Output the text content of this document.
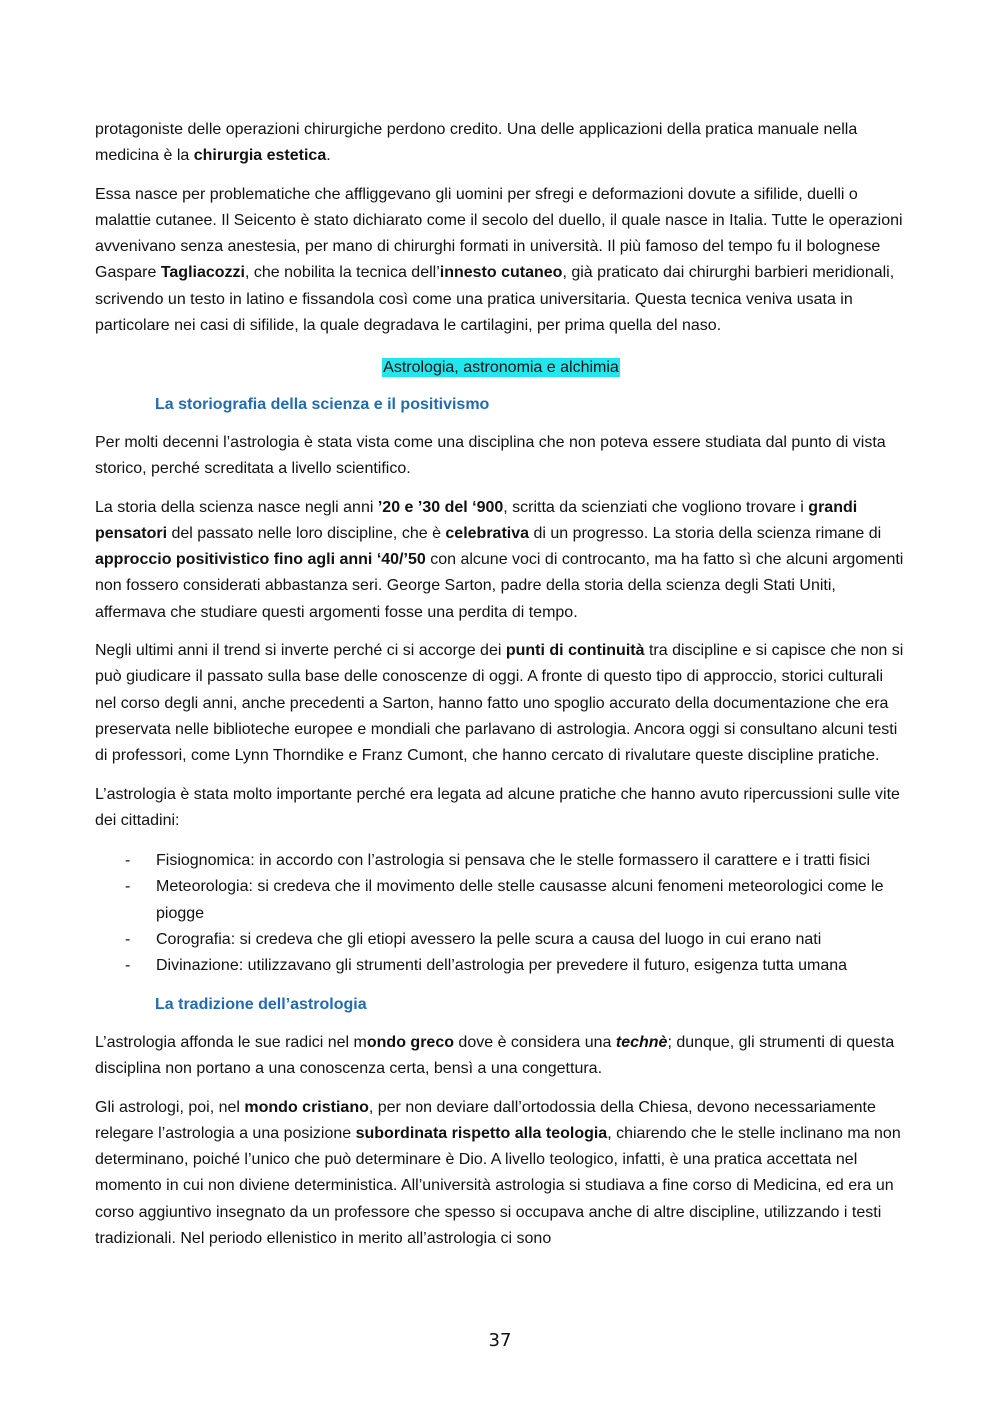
protagoniste delle operazioni chirurgiche perdono credito. Una delle applicazioni della pratica manuale nella medicina è la chirurgia estetica.

Essa nasce per problematiche che affliggevano gli uomini per sfregi e deformazioni dovute a sifilide, duelli o malattie cutanee. Il Seicento è stato dichiarato come il secolo del duello, il quale nasce in Italia. Tutte le operazioni avvenivano senza anestesia, per mano di chirurghi formati in università. Il più famoso del tempo fu il bolognese Gaspare Tagliacozzi, che nobilita la tecnica dell’innesto cutaneo, già praticato dai chirurghi barbieri meridionali, scrivendo un testo in latino e fissandola così come una pratica universitaria. Questa tecnica veniva usata in particolare nei casi di sifilide, la quale degradava le cartilagini, per prima quella del naso.

Astrologia, astronomia e alchimia
La storiografia della scienza e il positivismo

Per molti decenni l’astrologia è stata vista come una disciplina che non poteva essere studiata dal punto di vista storico, perché screditata a livello scientifico.

La storia della scienza nasce negli anni ’20 e ’30 del ‘900, scritta da scienziati che vogliono trovare i grandi pensatori del passato nelle loro discipline, che è celebrativa di un progresso. La storia della scienza rimane di approccio positivistico fino agli anni ‘40/’50 con alcune voci di controcanto, ma ha fatto sì che alcuni argomenti non fossero considerati abbastanza seri. George Sarton, padre della storia della scienza degli Stati Uniti, affermava che studiare questi argomenti fosse una perdita di tempo.

Negli ultimi anni il trend si inverte perché ci si accorge dei punti di continuità tra discipline e si capisce che non si può giudicare il passato sulla base delle conoscenze di oggi. A fronte di questo tipo di approccio, storici culturali nel corso degli anni, anche precedenti a Sarton, hanno fatto uno spoglio accurato della documentazione che era preservata nelle biblioteche europee e mondiali che parlavano di astrologia. Ancora oggi si consultano alcuni testi di professori, come Lynn Thorndike e Franz Cumont, che hanno cercato di rivalutare queste discipline pratiche.

L’astrologia è stata molto importante perché era legata ad alcune pratiche che hanno avuto ripercussioni sulle vite dei cittadini:

- Fisiognomica: in accordo con l’astrologia si pensava che le stelle formassero il carattere e i tratti fisici
- Meteorologia: si credeva che il movimento delle stelle causasse alcuni fenomeni meteorologici come le piogge
- Corografia: si credeva che gli etiopi avessero la pelle scura a causa del luogo in cui erano nati
- Divinazione: utilizzavano gli strumenti dell’astrologia per prevedere il futuro, esigenza tutta umana
La tradizione dell’astrologia

L’astrologia affonda le sue radici nel mondo greco dove è considera una technè; dunque, gli strumenti di questa disciplina non portano a una conoscenza certa, bensì a una congettura.

Gli astrologi, poi, nel mondo cristiano, per non deviare dall’ortodossia della Chiesa, devono necessariamente relegare l’astrologia a una posizione subordinata rispetto alla teologia, chiarendo che le stelle inclinano ma non determinano, poiché l’unico che può determinare è Dio. A livello teologico, infatti, è una pratica accettata nel momento in cui non diviene deterministica. All’università astrologia si studiava a fine corso di Medicina, ed era un corso aggiuntivo insegnato da un professore che spesso si occupava anche di altre discipline, utilizzando i testi tradizionali. Nel periodo ellenistico in merito all’astrologia ci sono

37
